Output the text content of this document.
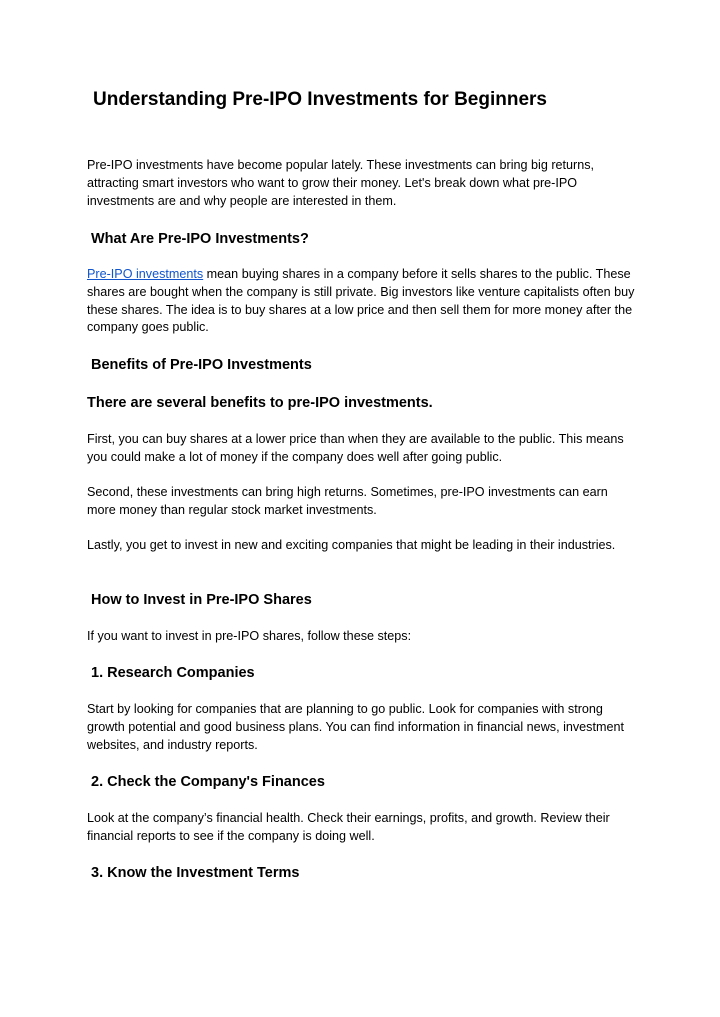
Understanding Pre-IPO Investments for Beginners

Pre-IPO investments have become popular lately. These investments can bring big returns, attracting smart investors who want to grow their money. Let's break down what pre-IPO investments are and why people are interested in them.

What Are Pre-IPO Investments?

Pre-IPO investments mean buying shares in a company before it sells shares to the public. These shares are bought when the company is still private. Big investors like venture capitalists often buy these shares. The idea is to buy shares at a low price and then sell them for more money after the company goes public.

Benefits of Pre-IPO Investments
There are several benefits to pre-IPO investments.

First, you can buy shares at a lower price than when they are available to the public. This means you could make a lot of money if the company does well after going public.

Second, these investments can bring high returns. Sometimes, pre-IPO investments can earn more money than regular stock market investments.

Lastly, you get to invest in new and exciting companies that might be leading in their industries.

How to Invest in Pre-IPO Shares

If you want to invest in pre-IPO shares, follow these steps:

1. Research Companies

Start by looking for companies that are planning to go public. Look for companies with strong growth potential and good business plans. You can find information in financial news, investment websites, and industry reports.

2. Check the Company's Finances

Look at the company’s financial health. Check their earnings, profits, and growth. Review their financial reports to see if the company is doing well.

3. Know the Investment Terms
